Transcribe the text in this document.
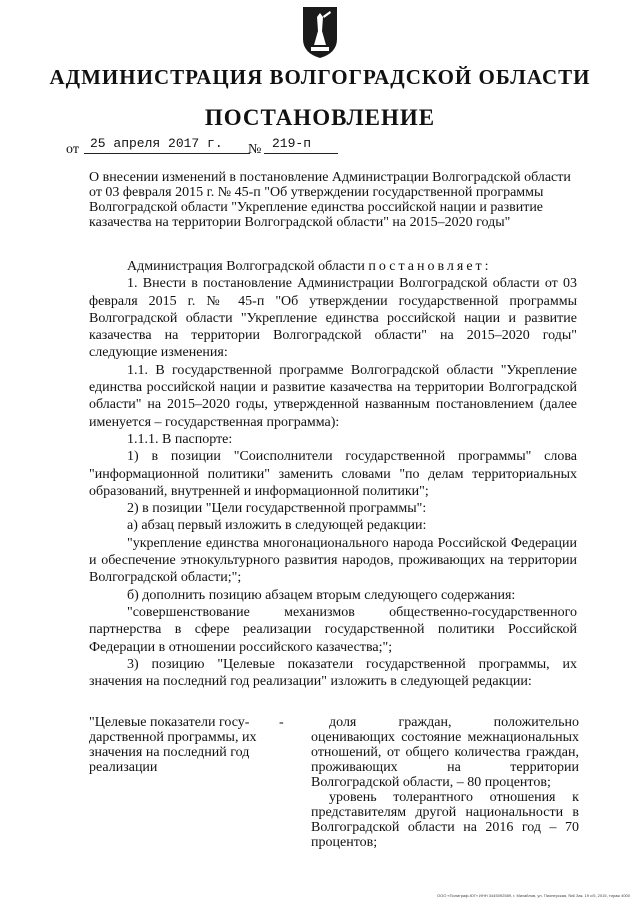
АДМИНИСТРАЦИЯ ВОЛГОГРАДСКОЙ ОБЛАСТИ
ПОСТАНОВЛЕНИЕ
от 25 апреля 2017 г. № 219-п
О внесении изменений в постановление Администрации Волгоградской области от 03 февраля 2015 г. № 45-п "Об утверждении государственной программы Волгоградской области "Укрепление единства российской нации и развитие казачества на территории Волгоградской области" на 2015–2020 годы"

Администрация Волгоградской области постановляет:

1. Внести в постановление Администрации Волгоградской области от 03 февраля 2015 г. № 45-п "Об утверждении государственной программы Волгоградской области "Укрепление единства российской нации и развитие казачества на территории Волгоградской области" на 2015–2020 годы" следующие изменения:

1.1. В государственной программе Волгоградской области "Укрепление единства российской нации и развитие казачества на территории Волгоградской области" на 2015–2020 годы, утвержденной названным постановлением (далее именуется – государственная программа):

1.1.1. В паспорте:

1) в позиции "Соисполнители государственной программы" слова "информационной политики" заменить словами "по делам территориальных образований, внутренней и информационной политики";

2) в позиции "Цели государственной программы":

а) абзац первый изложить в следующей редакции:

"укрепление единства многонационального народа Российской Федерации и обеспечение этнокультурного развития народов, проживающих на территории Волгоградской области;";

б) дополнить позицию абзацем вторым следующего содержания:

"совершенствование механизмов общественно-государственного партнерства в сфере реализации государственной политики Российской Федерации в отношении российского казачества;";

3) позицию "Целевые показатели государственной программы, их значения на последний год реализации" изложить в следующей редакции:

"Целевые показатели госу-дарственной программы, их значения на последний год реализации
-	доля граждан, положительно оценивающих состояние межнациональных отношений, от общего количества граждан, проживающих на территории Волгоградской области, – 80 процентов;

уровень толерантного отношения к представителям другой национальности в Волгоградской области на 2016 год – 70 процентов;

ООО «Полиграф-ЮГ» ИНН 3445092589, г. Михайлов, ул. Пионерская, №6 Зак. 19 с/5, 2015, тираж 4000
